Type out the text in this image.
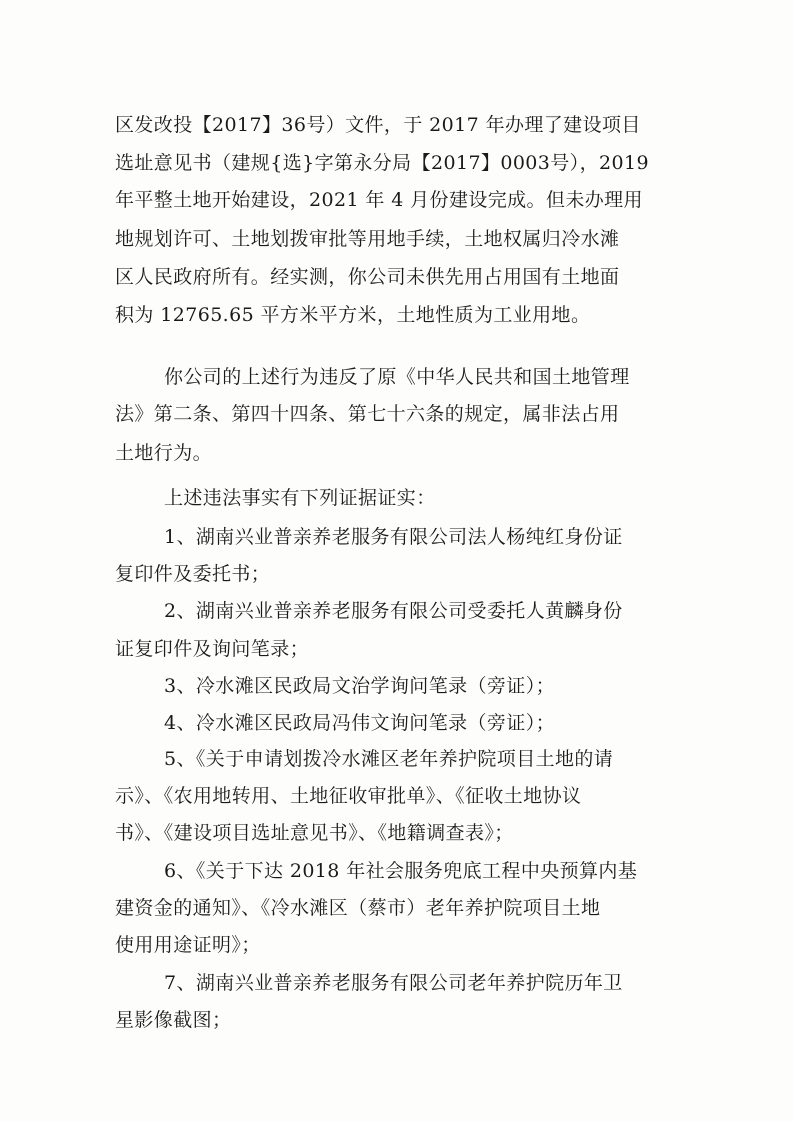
区发改投【2017】36号）文件，于 2017 年办理了建设项目
选址意见书（建规{选}字第永分局【2017】0003号），2019
年平整土地开始建设，2021 年 4 月份建设完成。但未办理用
地规划许可、土地划拨审批等用地手续，土地权属归冷水滩
区人民政府所有。经实测，你公司未供先用占用国有土地面
积为 12765.65 平方米平方米，土地性质为工业用地。
你公司的上述行为违反了原《中华人民共和国土地管理
法》第二条、第四十四条、第七十六条的规定，属非法占用
土地行为。
上述违法事实有下列证据证实：
1、湖南兴业普亲养老服务有限公司法人杨纯红身份证
复印件及委托书；
2、湖南兴业普亲养老服务有限公司受委托人黄麟身份
证复印件及询问笔录；
3、冷水滩区民政局文治学询问笔录（旁证）；
4、冷水滩区民政局冯伟文询问笔录（旁证）；
5、《关于申请划拨冷水滩区老年养护院项目土地的请
示》、《农用地转用、土地征收审批单》、《征收土地协议
书》、《建设项目选址意见书》、《地籍调查表》；
6、《关于下达 2018 年社会服务兜底工程中央预算内基
建资金的通知》、《冷水滩区（蔡市）老年养护院项目土地
使用用途证明》；
7、湖南兴业普亲养老服务有限公司老年养护院历年卫
星影像截图；
